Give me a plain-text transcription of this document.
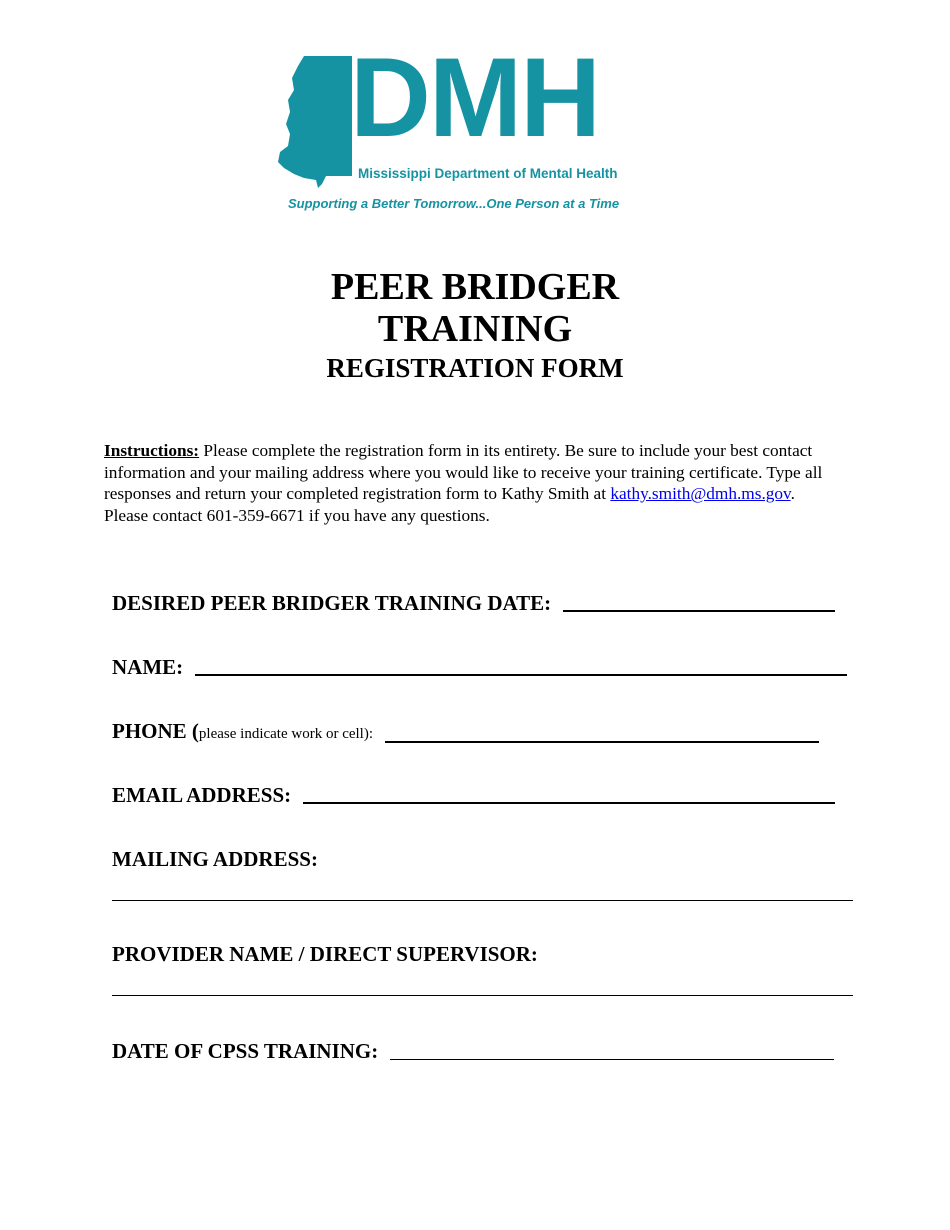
DMH
Mississippi Department of Mental Health
Supporting a Better Tomorrow...One Person at a Time
PEER BRIDGER
TRAINING
REGISTRATION FORM
Instructions: Please complete the registration form in its entirety. Be sure to include your best contact information and your mailing address where you would like to receive your training certificate. Type all responses and return your completed registration form to Kathy Smith at kathy.smith@dmh.ms.gov. Please contact 601-359-6671 if you have any questions.
DESIRED PEER BRIDGER TRAINING DATE:
NAME:
PHONE (please indicate work or cell):
EMAIL ADDRESS:
MAILING ADDRESS:
PROVIDER NAME / DIRECT SUPERVISOR:
DATE OF CPSS TRAINING:
